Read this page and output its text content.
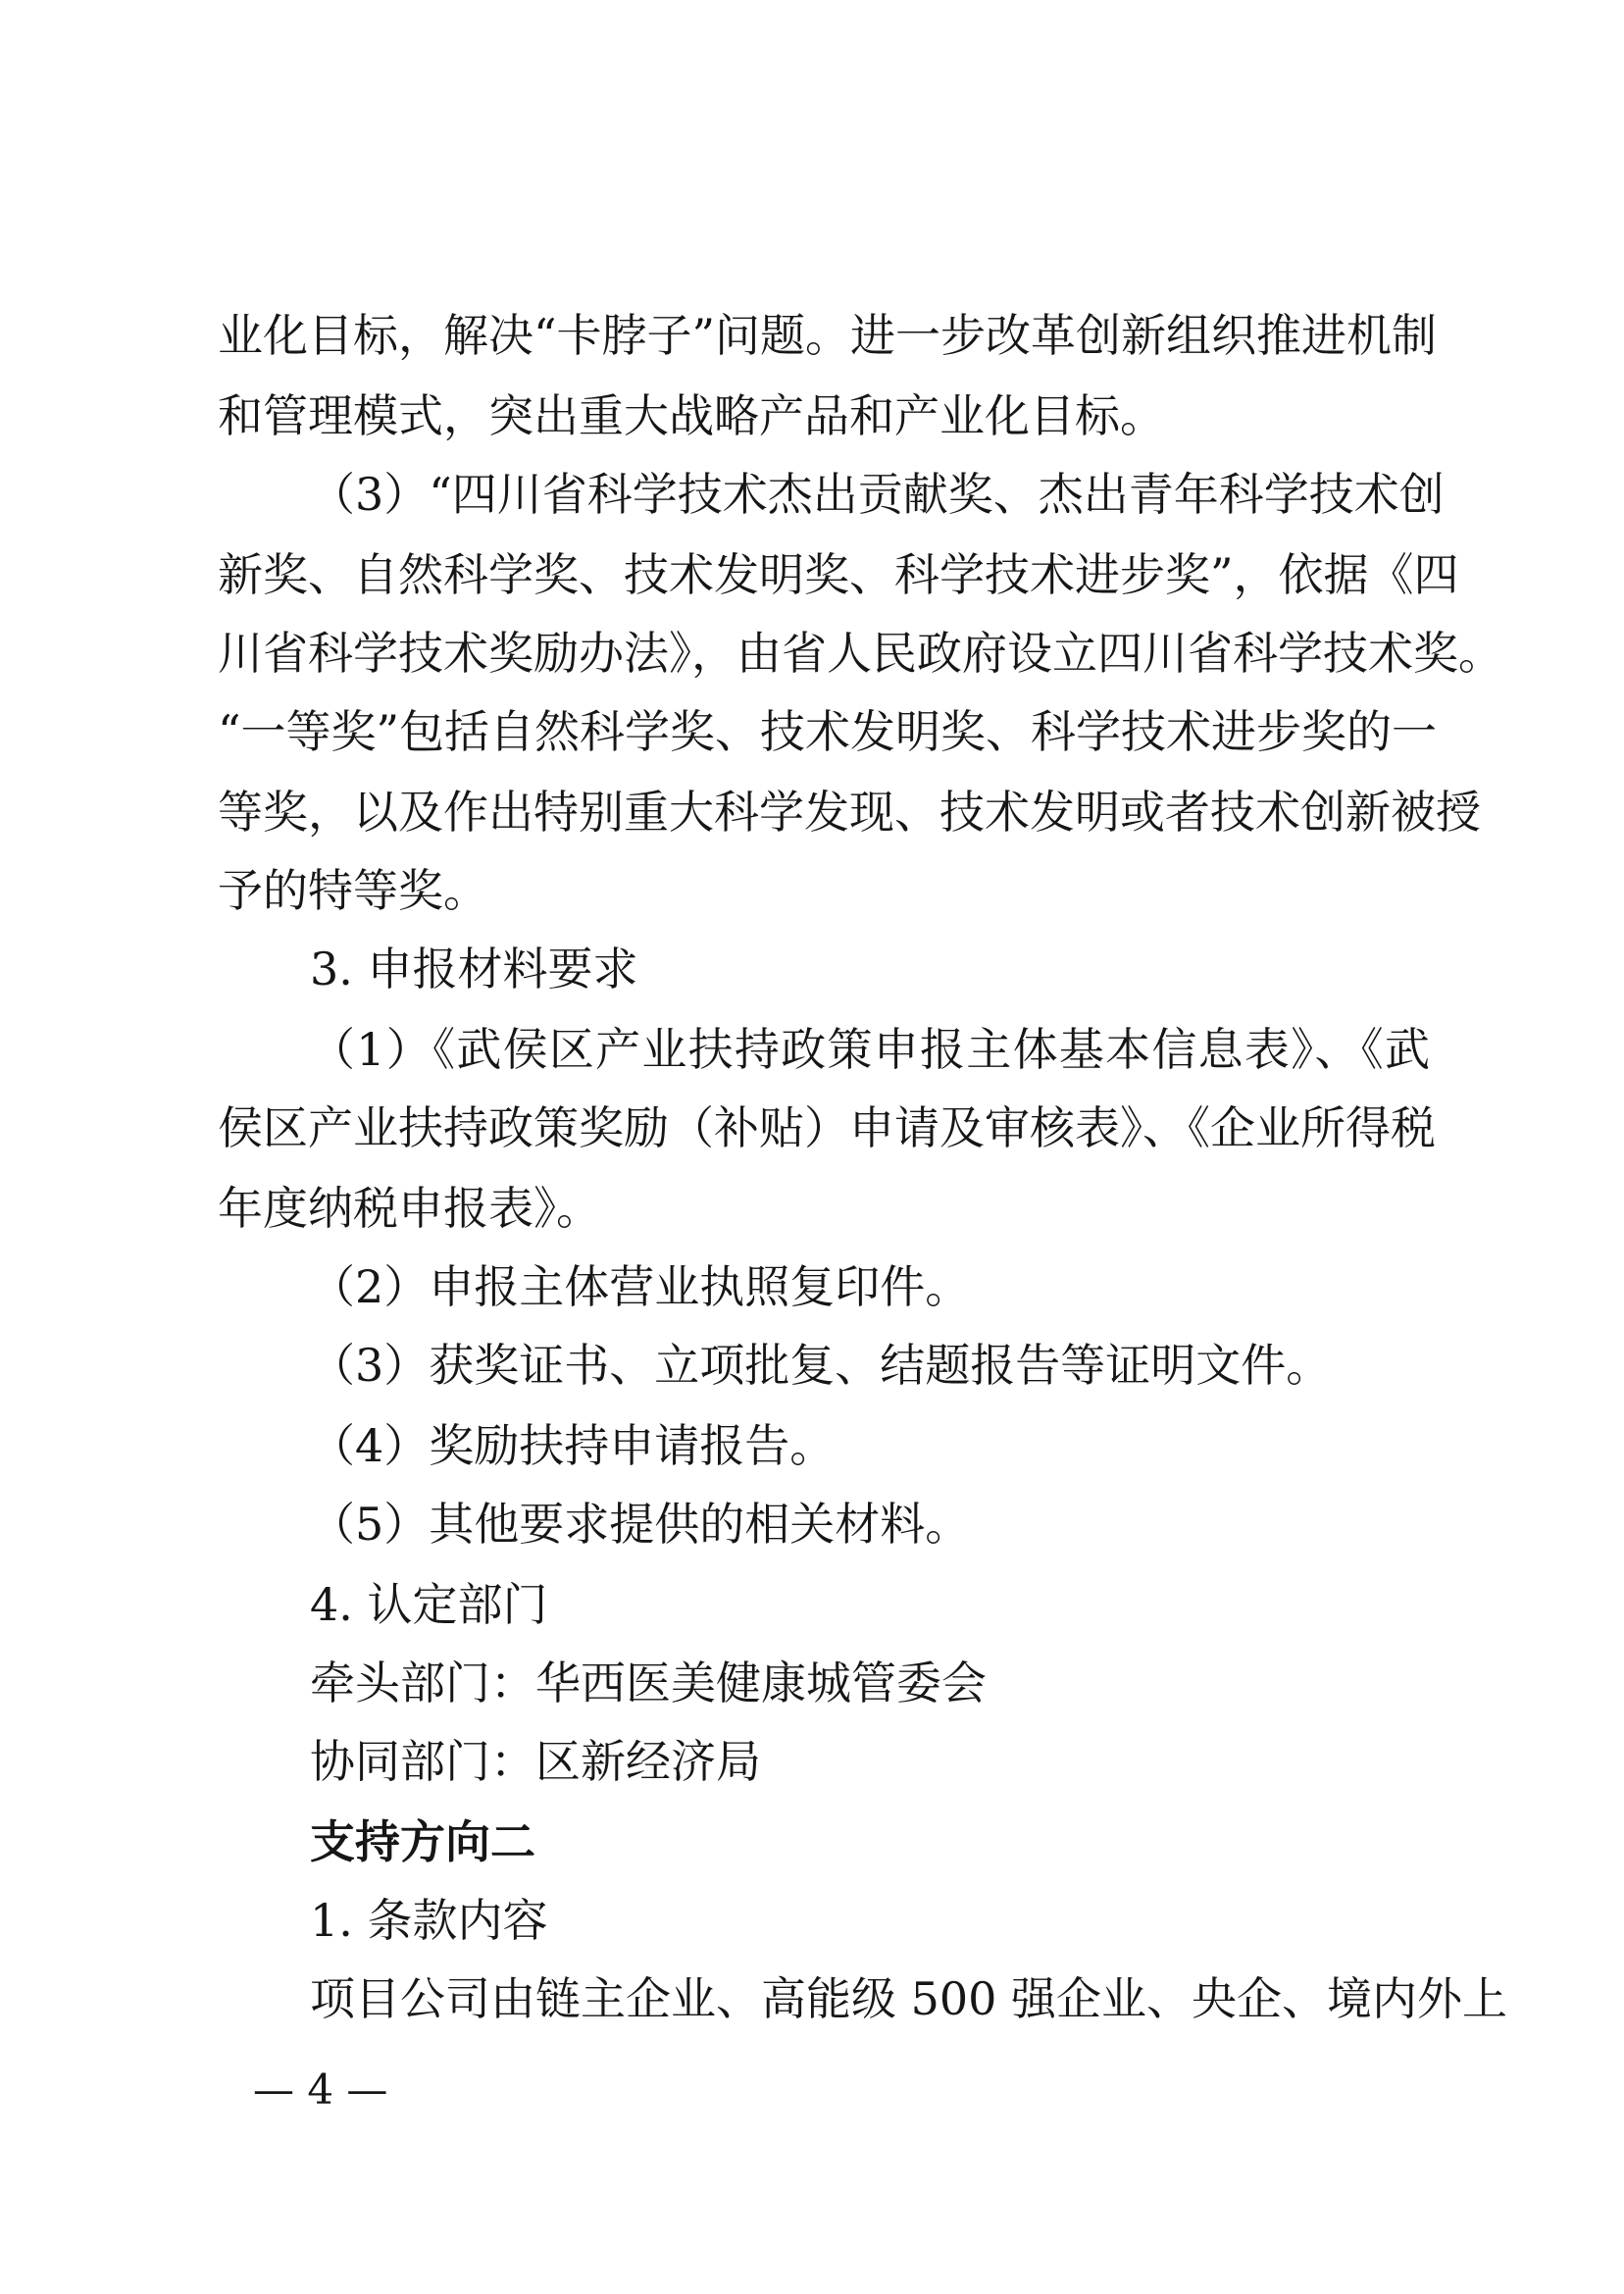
业化目标，解决“卡脖子”问题。进一步改革创新组织推进机制
和管理模式，突出重大战略产品和产业化目标。
（3）“四川省科学技术杰出贡献奖、杰出青年科学技术创
新奖、自然科学奖、技术发明奖、科学技术进步奖”，依据《四
川省科学技术奖励办法》，由省人民政府设立四川省科学技术奖。
“一等奖”包括自然科学奖、技术发明奖、科学技术进步奖的一
等奖，以及作出特别重大科学发现、技术发明或者技术创新被授
予的特等奖。
3. 申报材料要求
（1）《武侯区产业扶持政策申报主体基本信息表》、《武
侯区产业扶持政策奖励（补贴）申请及审核表》、《企业所得税
年度纳税申报表》。
（2）申报主体营业执照复印件。
（3）获奖证书、立项批复、结题报告等证明文件。
（4）奖励扶持申请报告。
（5）其他要求提供的相关材料。
4. 认定部门
牵头部门：华西医美健康城管委会
协同部门：区新经济局
支持方向二
1. 条款内容
项目公司由链主企业、高能级 500 强企业、央企、境内外上
— 4 —
